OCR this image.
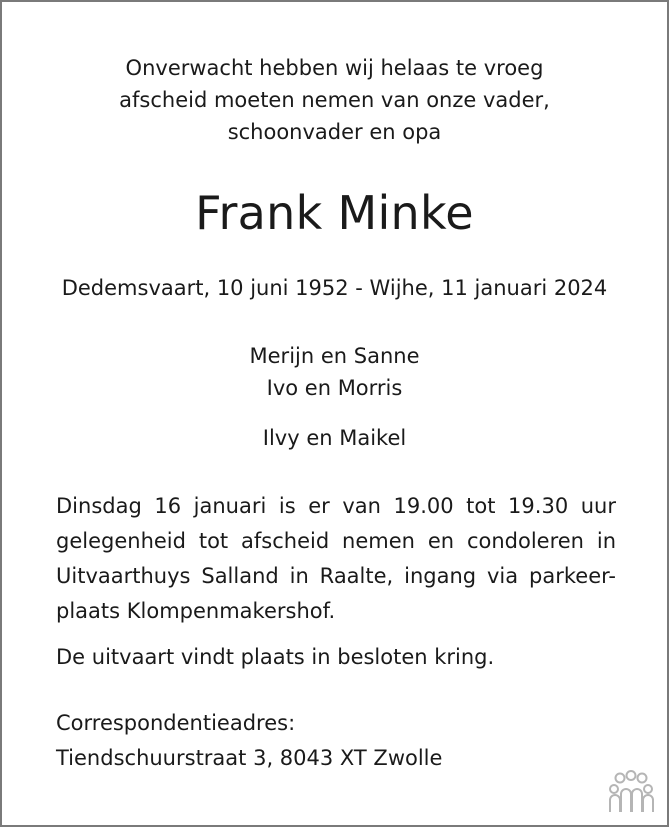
Onverwacht hebben wij helaas te vroeg
afscheid moeten nemen van onze vader,
schoonvader en opa
Frank Minke
Dedemsvaart, 10 juni 1952 - Wijhe, 11 januari 2024
Merijn en Sanne
Ivo en Morris
Ilvy en Maikel
Dinsdag 16 januari is er van 19.00 tot 19.30 uur
gelegenheid tot afscheid nemen en condoleren in
Uitvaarthuys Salland in Raalte, ingang via parkeer-
plaats Klompenmakershof.
De uitvaart vindt plaats in besloten kring.
Correspondentieadres:
Tiendschuurstraat 3, 8043 XT Zwolle
